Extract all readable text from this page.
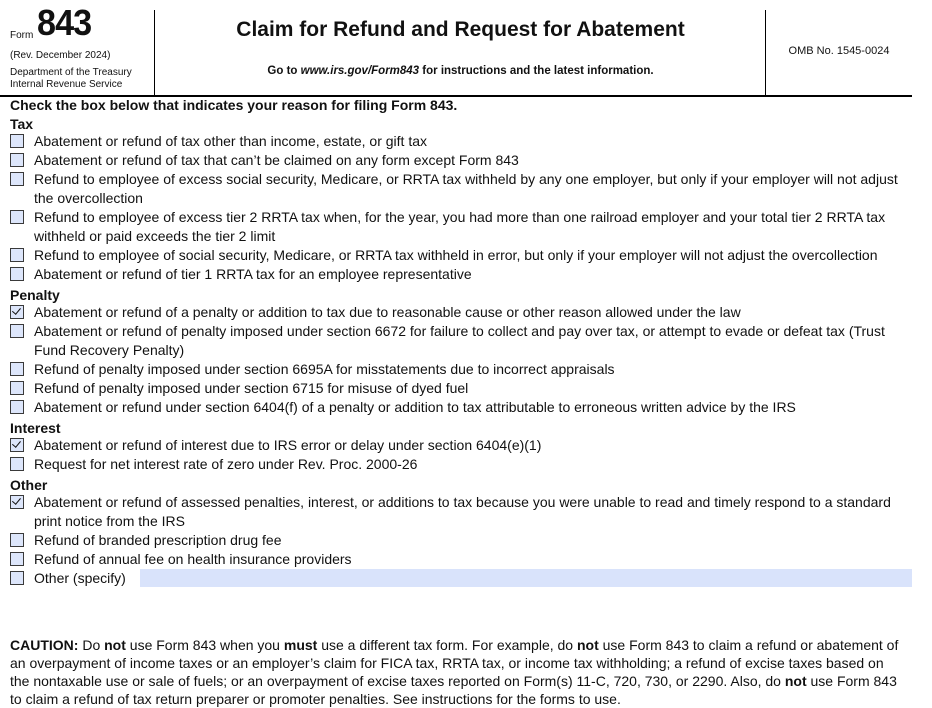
Form 843
(Rev. December 2024)
Department of the Treasury
Internal Revenue Service
Claim for Refund and Request for Abatement
Go to www.irs.gov/Form843 for instructions and the latest information.
OMB No. 1545-0024
Check the box below that indicates your reason for filing Form 843.
Tax
Abatement or refund of tax other than income, estate, or gift tax
Abatement or refund of tax that can’t be claimed on any form except Form 843
Refund to employee of excess social security, Medicare, or RRTA tax withheld by any one employer, but only if your employer will not adjust the overcollection
Refund to employee of excess tier 2 RRTA tax when, for the year, you had more than one railroad employer and your total tier 2 RRTA tax withheld or paid exceeds the tier 2 limit
Refund to employee of social security, Medicare, or RRTA tax withheld in error, but only if your employer will not adjust the overcollection
Abatement or refund of tier 1 RRTA tax for an employee representative
Penalty
Abatement or refund of a penalty or addition to tax due to reasonable cause or other reason allowed under the law
Abatement or refund of penalty imposed under section 6672 for failure to collect and pay over tax, or attempt to evade or defeat tax (Trust Fund Recovery Penalty)
Refund of penalty imposed under section 6695A for misstatements due to incorrect appraisals
Refund of penalty imposed under section 6715 for misuse of dyed fuel
Abatement or refund under section 6404(f) of a penalty or addition to tax attributable to erroneous written advice by the IRS
Interest
Abatement or refund of interest due to IRS error or delay under section 6404(e)(1)
Request for net interest rate of zero under Rev. Proc. 2000-26
Other
Abatement or refund of assessed penalties, interest, or additions to tax because you were unable to read and timely respond to a standard print notice from the IRS
Refund of branded prescription drug fee
Refund of annual fee on health insurance providers
Other (specify)
CAUTION: Do not use Form 843 when you must use a different tax form. For example, do not use Form 843 to claim a refund or abatement of an overpayment of income taxes or an employer’s claim for FICA tax, RRTA tax, or income tax withholding; a refund of excise taxes based on the nontaxable use or sale of fuels; or an overpayment of excise taxes reported on Form(s) 11-C, 720, 730, or 2290. Also, do not use Form 843 to claim a refund of tax return preparer or promoter penalties. See instructions for the forms to use.
